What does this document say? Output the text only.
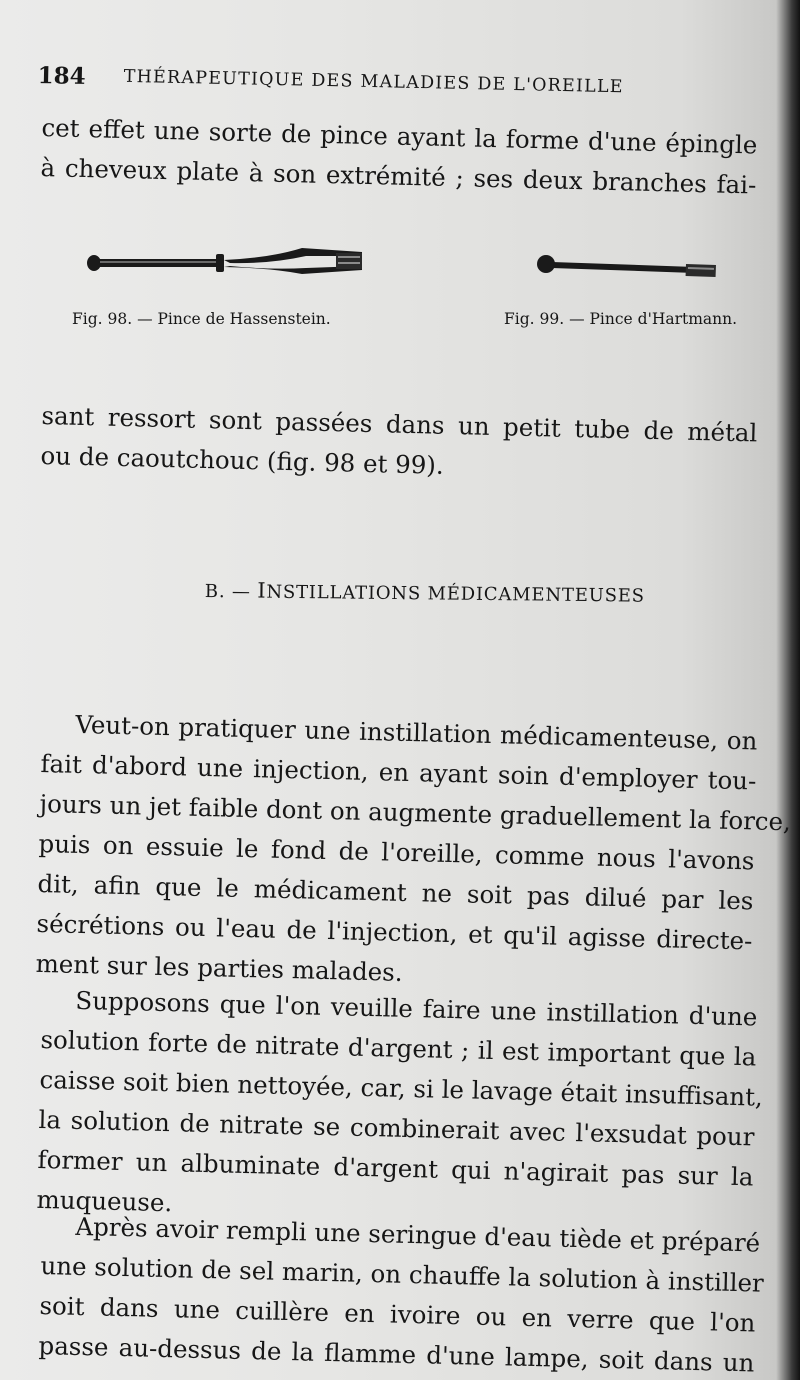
184 THÉRAPEUTIQUE DES MALADIES DE L'OREILLE
cet effet une sorte de pince ayant la forme d'une épingle
à cheveux plate à son extrémité ; ses deux branches fai-
Fig. 98. — Pince de Hassenstein.	Fig. 99. — Pince d'Hartmann.
sant ressort sont passées dans un petit tube de métal
ou de caoutchouc (fig. 98 et 99).
B. — INSTILLATIONS MÉDICAMENTEUSES
Veut-on pratiquer une instillation médicamenteuse, on
fait d'abord une injection, en ayant soin d'employer tou-
jours un jet faible dont on augmente graduellement la force,
puis on essuie le fond de l'oreille, comme nous l'avons
dit, afin que le médicament ne soit pas dilué par les
sécrétions ou l'eau de l'injection, et qu'il agisse directe-
ment sur les parties malades.
Supposons que l'on veuille faire une instillation d'une
solution forte de nitrate d'argent ; il est important que la
caisse soit bien nettoyée, car, si le lavage était insuffisant,
la solution de nitrate se combinerait avec l'exsudat pour
former un albuminate d'argent qui n'agirait pas sur la
muqueuse.
Après avoir rempli une seringue d'eau tiède et préparé
une solution de sel marin, on chauffe la solution à instiller
soit dans une cuillère en ivoire ou en verre que l'on
passe au-dessus de la flamme d'une lampe, soit dans un
